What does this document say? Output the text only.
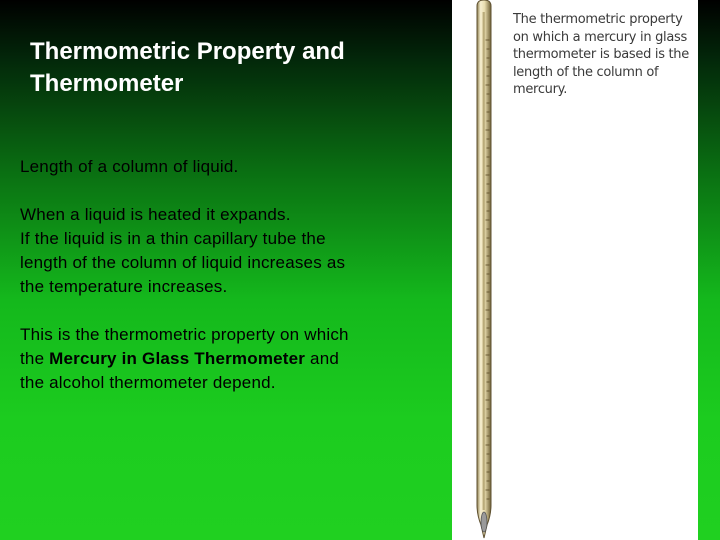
Thermometric Property and
Thermometer

Length of a column of liquid.

When a liquid is heated it expands.
If the liquid is in a thin capillary tube the
length of the column of liquid increases as
the temperature increases.

This is the thermometric property on which
the Mercury in Glass Thermometer and
the alcohol thermometer depend.

The thermometric property
on which a mercury in glass
thermometer is based is the
length of the column of
mercury.
